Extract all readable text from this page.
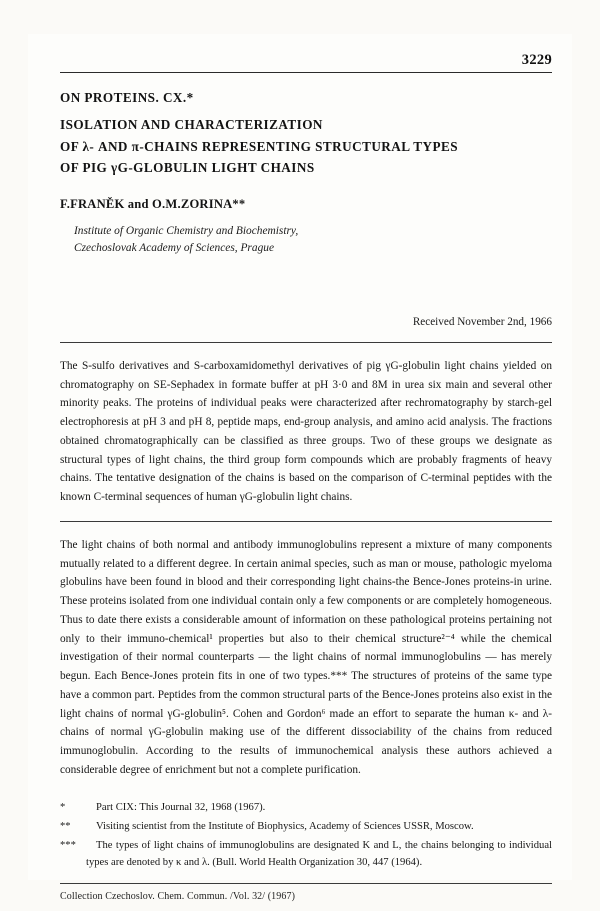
3229
ON PROTEINS. CX.*
ISOLATION AND CHARACTERIZATION
OF λ- AND π-CHAINS REPRESENTING STRUCTURAL TYPES
OF PIG γG-GLOBULIN LIGHT CHAINS
F.FRANĚK and O.M.ZORINA**
Institute of Organic Chemistry and Biochemistry,
Czechoslovak Academy of Sciences, Prague
Received November 2nd, 1966
The S-sulfo derivatives and S-carboxamidomethyl derivatives of pig γG-globulin light chains yielded on chromatography on SE-Sephadex in formate buffer at pH 3·0 and 8M in urea six main and several other minority peaks. The proteins of individual peaks were characterized after rechromatography by starch-gel electrophoresis at pH 3 and pH 8, peptide maps, end-group analysis, and amino acid analysis. The fractions obtained chromatographically can be classified as three groups. Two of these groups we designate as structural types of light chains, the third group form compounds which are probably fragments of heavy chains. The tentative designation of the chains is based on the comparison of C-terminal peptides with the known C-terminal sequences of human γG-globulin light chains.
The light chains of both normal and antibody immunoglobulins represent a mixture of many components mutually related to a different degree. In certain animal species, such as man or mouse, pathologic myeloma globulins have been found in blood and their corresponding light chains-the Bence-Jones proteins-in urine. These proteins isolated from one individual contain only a few components or are completely homogeneous. Thus to date there exists a considerable amount of information on these pathological proteins pertaining not only to their immuno-chemical¹ properties but also to their chemical structure²⁻⁴ while the chemical investigation of their normal counterparts — the light chains of normal immunoglobulins — has merely begun. Each Bence-Jones protein fits in one of two types.*** The structures of proteins of the same type have a common part. Peptides from the common structural parts of the Bence-Jones proteins also exist in the light chains of normal γG-globulin⁵. Cohen and Gordon⁶ made an effort to separate the human κ- and λ-chains of normal γG-globulin making use of the different dissociability of the chains from reduced immunoglobulin. According to the results of immunochemical analysis these authors achieved a considerable degree of enrichment but not a complete purification.
*	Part CIX: This Journal 32, 1968 (1967).
**	Visiting scientist from the Institute of Biophysics, Academy of Sciences USSR, Moscow.
***	The types of light chains of immunoglobulins are designated K and L, the chains belonging to individual types are denoted by κ and λ. (Bull. World Health Organization 30, 447 (1964).
Collection Czechoslov. Chem. Commun. /Vol. 32/ (1967)
